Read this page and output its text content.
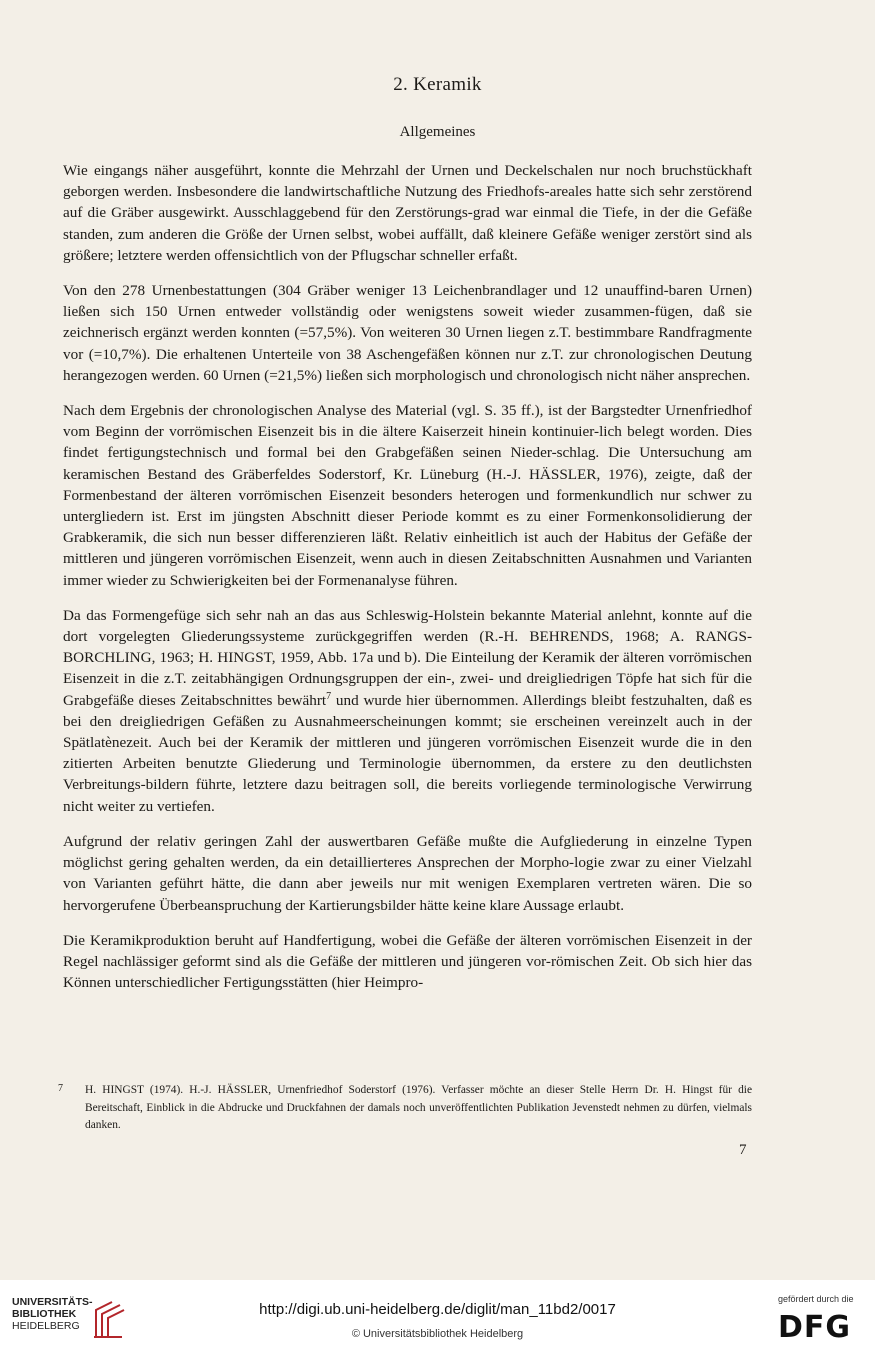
2. Keramik
Allgemeines

Wie eingangs näher ausgeführt, konnte die Mehrzahl der Urnen und Deckelschalen nur noch bruchstückhaft geborgen werden. Insbesondere die landwirtschaftliche Nutzung des Friedhofs-areales hatte sich sehr zerstörend auf die Gräber ausgewirkt. Ausschlaggebend für den Zerstörungs-grad war einmal die Tiefe, in der die Gefäße standen, zum anderen die Größe der Urnen selbst, wobei auffällt, daß kleinere Gefäße weniger zerstört sind als größere; letztere werden offensichtlich von der Pflugschar schneller erfaßt.

Von den 278 Urnenbestattungen (304 Gräber weniger 13 Leichenbrandlager und 12 unauffind-baren Urnen) ließen sich 150 Urnen entweder vollständig oder wenigstens soweit wieder zusammen-fügen, daß sie zeichnerisch ergänzt werden konnten (=57,5%). Von weiteren 30 Urnen liegen z.T. bestimmbare Randfragmente vor (=10,7%). Die erhaltenen Unterteile von 38 Aschengefäßen können nur z.T. zur chronologischen Deutung herangezogen werden. 60 Urnen (=21,5%) ließen sich morphologisch und chronologisch nicht näher ansprechen.

Nach dem Ergebnis der chronologischen Analyse des Material (vgl. S. 35 ff.), ist der Bargstedter Urnenfriedhof vom Beginn der vorrömischen Eisenzeit bis in die ältere Kaiserzeit hinein kontinuier-lich belegt worden. Dies findet fertigungstechnisch und formal bei den Grabgefäßen seinen Nieder-schlag. Die Untersuchung am keramischen Bestand des Gräberfeldes Soderstorf, Kr. Lüneburg (H.-J. HÄSSLER, 1976), zeigte, daß der Formenbestand der älteren vorrömischen Eisenzeit besonders heterogen und formenkundlich nur schwer zu untergliedern ist. Erst im jüngsten Abschnitt dieser Periode kommt es zu einer Formenkonsolidierung der Grabkeramik, die sich nun besser differenzieren läßt. Relativ einheitlich ist auch der Habitus der Gefäße der mittleren und jüngeren vorrömischen Eisenzeit, wenn auch in diesen Zeitabschnitten Ausnahmen und Varianten immer wieder zu Schwierigkeiten bei der Formenanalyse führen.

Da das Formengefüge sich sehr nah an das aus Schleswig-Holstein bekannte Material anlehnt, konnte auf die dort vorgelegten Gliederungssysteme zurückgegriffen werden (R.-H. BEHRENDS, 1968; A. RANGS-BORCHLING, 1963; H. HINGST, 1959, Abb. 17a und b). Die Einteilung der Keramik der älteren vorrömischen Eisenzeit in die z.T. zeitabhängigen Ordnungsgruppen der ein-, zwei- und dreigliedrigen Töpfe hat sich für die Grabgefäße dieses Zeitabschnittes bewährt$^7$ und wurde hier übernommen. Allerdings bleibt festzuhalten, daß es bei den dreigliedrigen Gefäßen zu Ausnahmeerscheinungen kommt; sie erscheinen vereinzelt auch in der Spätlatènezeit. Auch bei der Keramik der mittleren und jüngeren vorrömischen Eisenzeit wurde die in den zitierten Arbeiten benutzte Gliederung und Terminologie übernommen, da erstere zu den deutlichsten Verbreitungs-bildern führte, letztere dazu beitragen soll, die bereits vorliegende terminologische Verwirrung nicht weiter zu vertiefen.

Aufgrund der relativ geringen Zahl der auswertbaren Gefäße mußte die Aufgliederung in einzelne Typen möglichst gering gehalten werden, da ein detaillierteres Ansprechen der Morpho-logie zwar zu einer Vielzahl von Varianten geführt hätte, die dann aber jeweils nur mit wenigen Exemplaren vertreten wären. Die so hervorgerufene Überbeanspruchung der Kartierungsbilder hätte keine klare Aussage erlaubt.

Die Keramikproduktion beruht auf Handfertigung, wobei die Gefäße der älteren vorrömischen Eisenzeit in der Regel nachlässiger geformt sind als die Gefäße der mittleren und jüngeren vor-römischen Zeit. Ob sich hier das Können unterschiedlicher Fertigungsstätten (hier Heimpro-

7	H. HINGST (1974). H.-J. HÄSSLER, Urnenfriedhof Soderstorf (1976). Verfasser möchte an dieser Stelle Herrn Dr. H. Hingst für die Bereitschaft, Einblick in die Abdrucke und Druckfahnen der damals noch unveröffentlichten Publikation Jevenstedt nehmen zu dürfen, vielmals danken.
7
UNIVERSITÄTS-
BIBLIOTHEK
HEIDELBERG
http://digi.ub.uni-heidelberg.de/diglit/man_11bd2/0017
© Universitätsbibliothek Heidelberg
gefördert durch die
DFG
